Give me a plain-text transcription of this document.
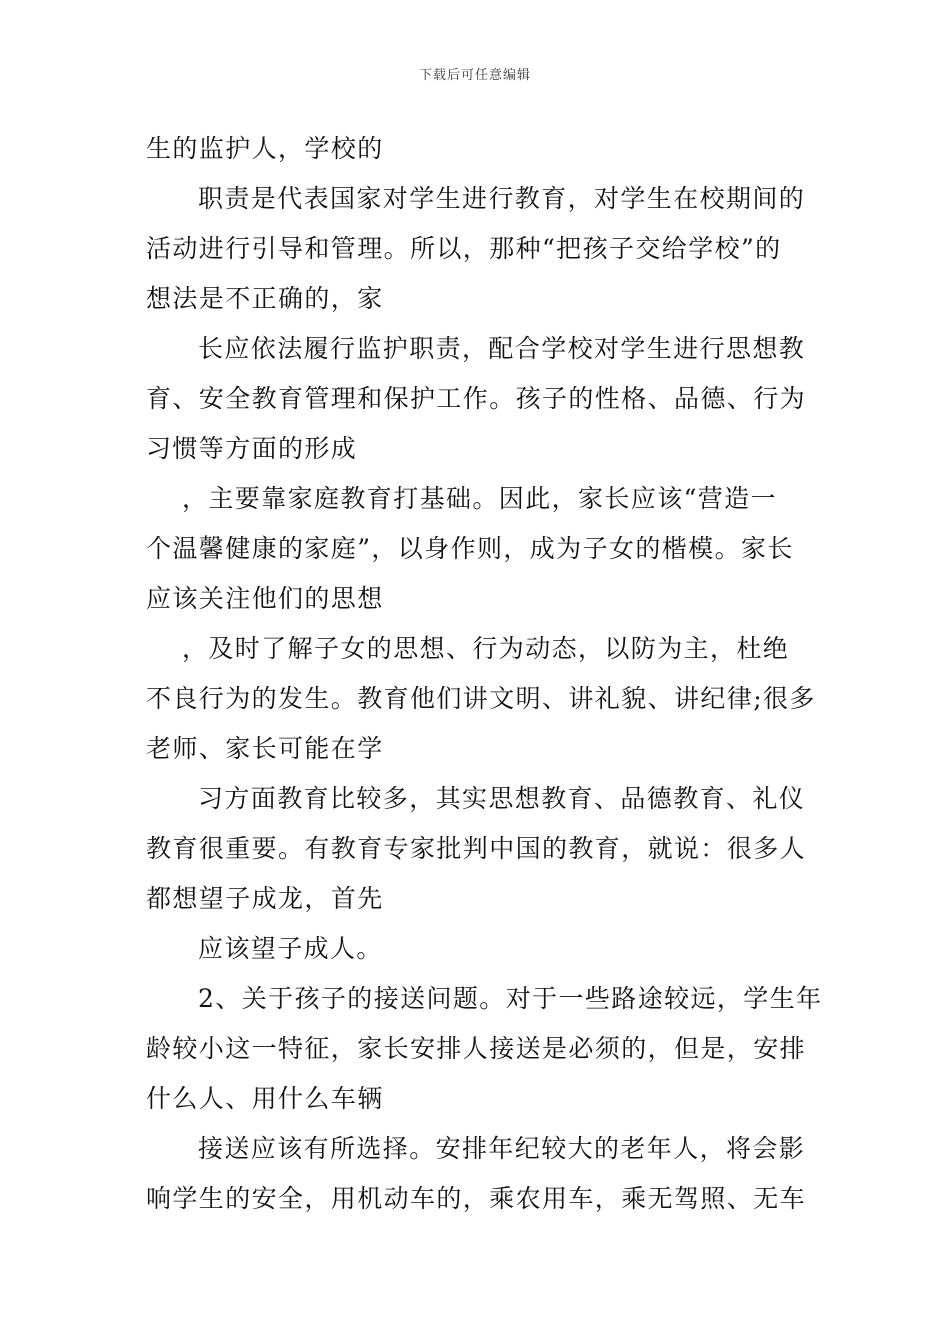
下载后可任意编辑
生的监护人，学校的
职责是代表国家对学生进行教育，对学生在校期间的
活动进行引导和管理。所以，那种“把孩子交给学校”的
想法是不正确的，家
长应依法履行监护职责，配合学校对学生进行思想教
育、安全教育管理和保护工作。孩子的性格、品德、行为
习惯等方面的形成
，主要靠家庭教育打基础。因此，家长应该“营造一
个温馨健康的家庭”，以身作则，成为子女的楷模。家长
应该关注他们的思想
，及时了解子女的思想、行为动态，以防为主，杜绝
不良行为的发生。教育他们讲文明、讲礼貌、讲纪律;很多
老师、家长可能在学
习方面教育比较多，其实思想教育、品德教育、礼仪
教育很重要。有教育专家批判中国的教育，就说：很多人
都想望子成龙，首先
应该望子成人。
2、关于孩子的接送问题。对于一些路途较远，学生年
龄较小这一特征，家长安排人接送是必须的，但是，安排
什么人、用什么车辆
接送应该有所选择。安排年纪较大的老年人，将会影
响学生的安全，用机动车的，乘农用车，乘无驾照、无车
